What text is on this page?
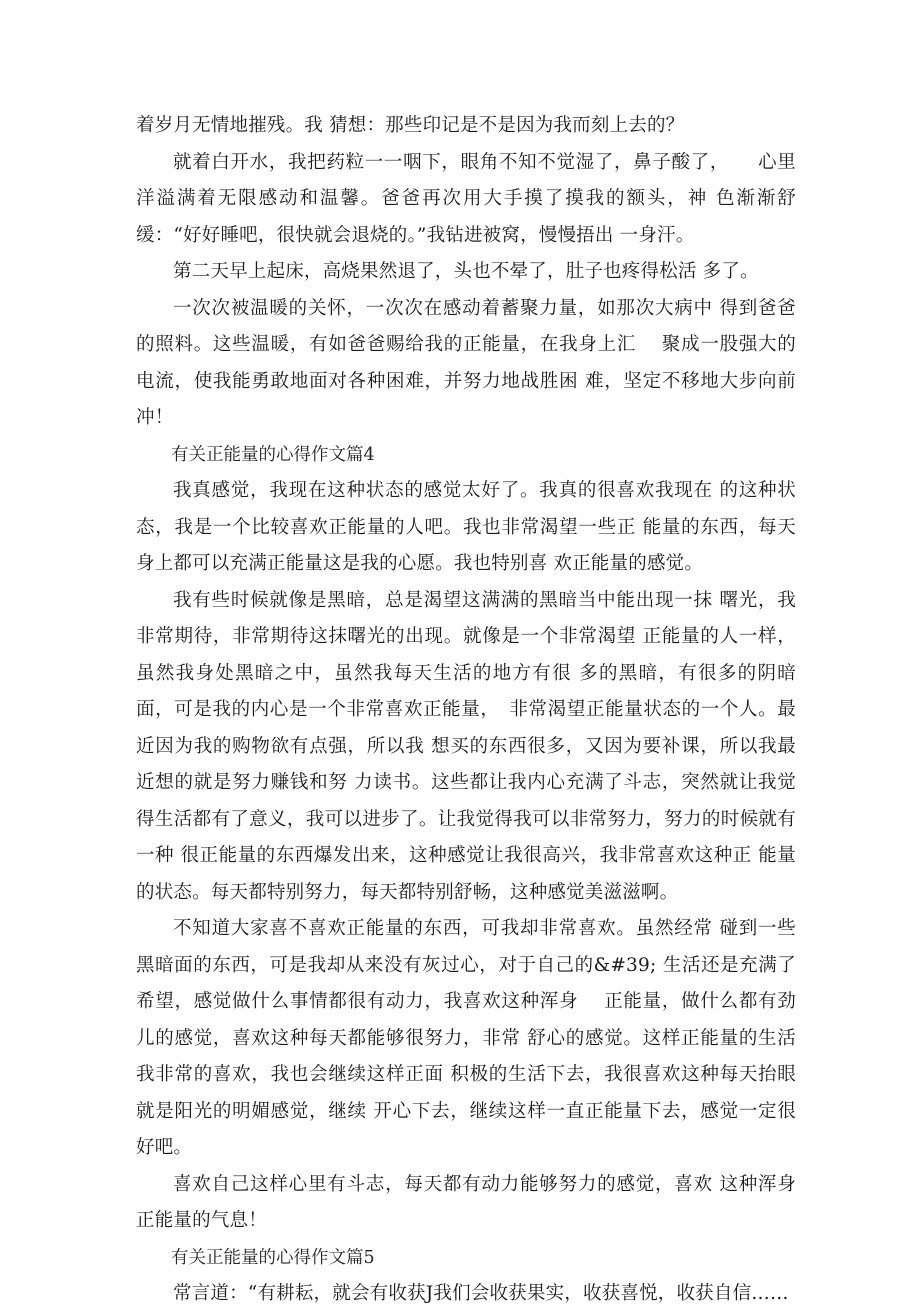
着岁月无情地摧残。我 猜想：那些印记是不是因为我而刻上去的？

就着白开水，我把药粒一一咽下，眼角不知不觉湿了，鼻子酸了，　　心里洋溢满着无限感动和温馨。爸爸再次用大手摸了摸我的额头，神 色渐渐舒缓：“好好睡吧，很快就会退烧的。”我钻进被窝，慢慢捂出 一身汗。

第二天早上起床，高烧果然退了，头也不晕了，肚子也疼得松活 多了。

一次次被温暖的关怀，一次次在感动着蓄聚力量，如那次大病中 得到爸爸的照料。这些温暖，有如爸爸赐给我的正能量，在我身上汇　 聚成一股强大的电流，使我能勇敢地面对各种困难，并努力地战胜困 难，坚定不移地大步向前冲！

有关正能量的心得作文篇4

我真感觉，我现在这种状态的感觉太好了。我真的很喜欢我现在 的这种状态，我是一个比较喜欢正能量的人吧。我也非常渴望一些正 能量的东西，每天身上都可以充满正能量这是我的心愿。我也特别喜 欢正能量的感觉。

我有些时候就像是黑暗，总是渴望这满满的黑暗当中能出现一抹 曙光，我非常期待，非常期待这抹曙光的出现。就像是一个非常渴望 正能量的人一样，虽然我身处黑暗之中，虽然我每天生活的地方有很 多的黑暗，有很多的阴暗面，可是我的内心是一个非常喜欢正能量，　非常渴望正能量状态的一个人。最近因为我的购物欲有点强，所以我 想买的东西很多，又因为要补课，所以我最近想的就是努力赚钱和努 力读书。这些都让我内心充满了斗志，突然就让我觉得生活都有了意义，我可以进步了。让我觉得我可以非常努力，努力的时候就有一种 很正能量的东西爆发出来，这种感觉让我很高兴，我非常喜欢这种正 能量的状态。每天都特别努力，每天都特别舒畅，这种感觉美滋滋啊。

不知道大家喜不喜欢正能量的东西，可我却非常喜欢。虽然经常 碰到一些黑暗面的东西，可是我却从来没有灰过心，对于自己的&#39; 生活还是充满了希望，感觉做什么事情都很有动力，我喜欢这种浑身　 正能量，做什么都有劲儿的感觉，喜欢这种每天都能够很努力，非常 舒心的感觉。这样正能量的生活我非常的喜欢，我也会继续这样正面 积极的生活下去，我很喜欢这种每天抬眼就是阳光的明媚感觉，继续 开心下去，继续这样一直正能量下去，感觉一定很好吧。

喜欢自己这样心里有斗志，每天都有动力能够努力的感觉，喜欢 这种浑身正能量的气息！

有关正能量的心得作文篇5

常言道：“有耕耘，就会有收获J我们会收获果实，收获喜悦，收获自信……
